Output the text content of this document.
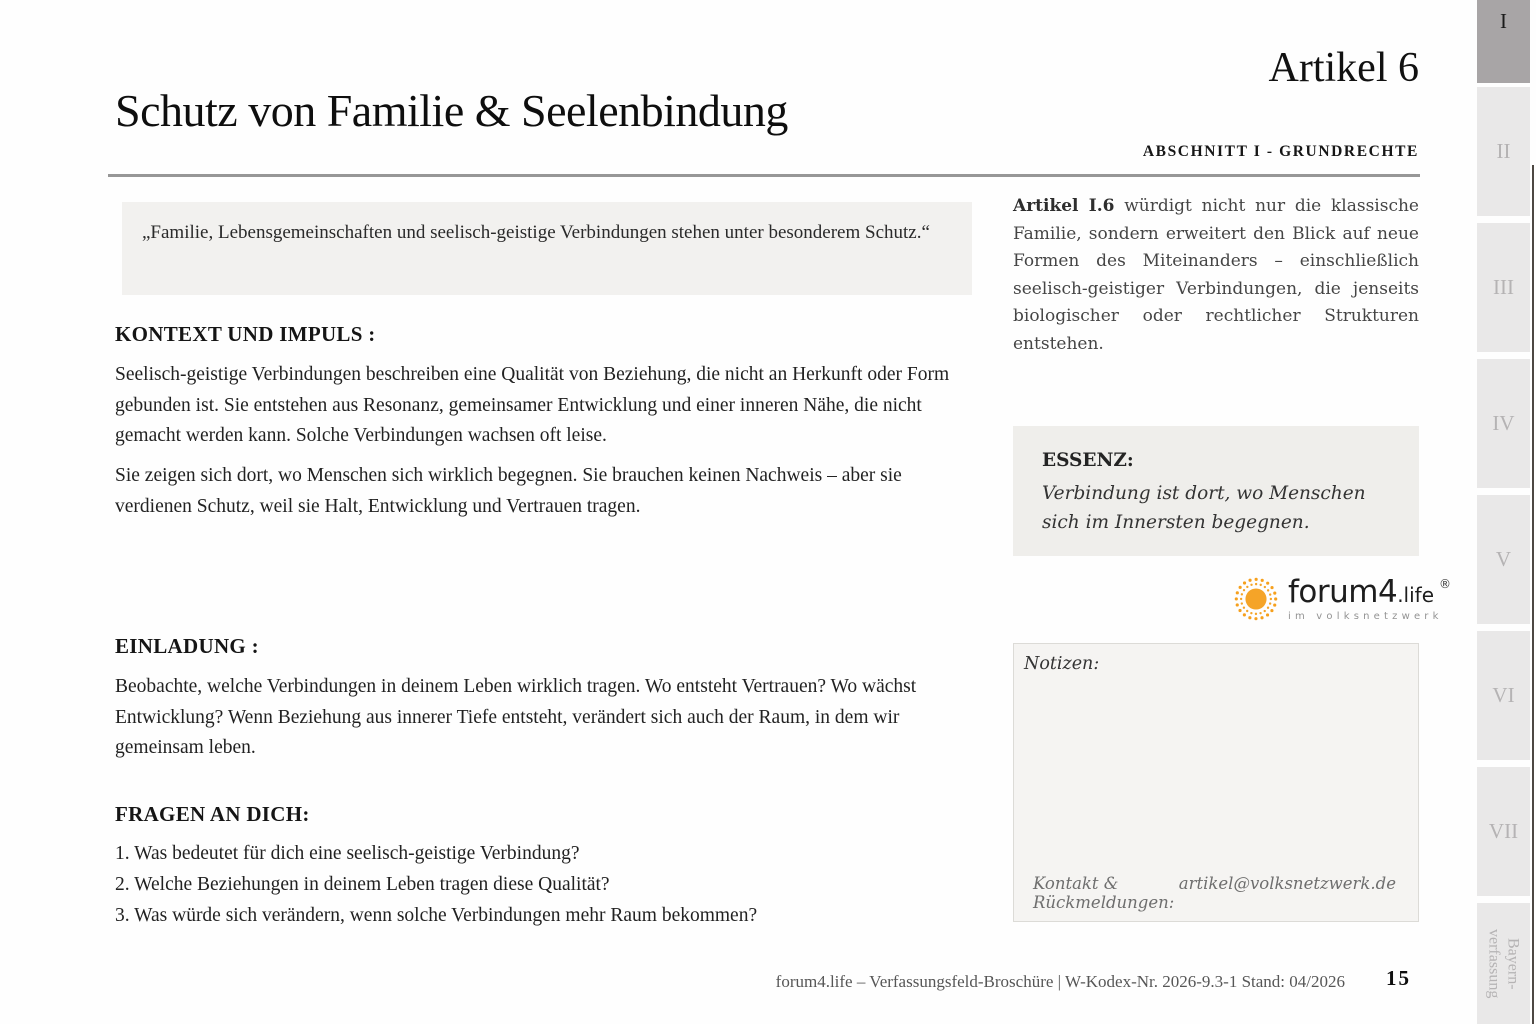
Artikel 6
Schutz von Familie & Seelenbindung
ABSCHNITT I - GRUNDRECHTE
„Familie, Lebensgemeinschaften und seelisch-geistige Verbindungen stehen unter besonderem Schutz.“
KONTEXT UND IMPULS :

Seelisch-geistige Verbindungen beschreiben eine Qualität von Beziehung, die nicht an Herkunft oder Form gebunden ist. Sie entstehen aus Resonanz, gemeinsamer Entwicklung und einer inneren Nähe, die nicht gemacht werden kann. Solche Verbindungen wachsen oft leise.

Sie zeigen sich dort, wo Menschen sich wirklich begegnen. Sie brauchen keinen Nachweis – aber sie verdienen Schutz, weil sie Halt, Entwicklung und Vertrauen tragen.

EINLADUNG :

Beobachte, welche Verbindungen in deinem Leben wirklich tragen. Wo entsteht Vertrauen? Wo wächst Entwicklung? Wenn Beziehung aus innerer Tiefe entsteht, verändert sich auch der Raum, in dem wir gemeinsam leben.

FRAGEN AN DICH:
1. Was bedeutet für dich eine seelisch-geistige Verbindung?
2. Welche Beziehungen in deinem Leben tragen diese Qualität?
3. Was würde sich verändern, wenn solche Verbindungen mehr Raum bekommen?

Artikel I.6 würdigt nicht nur die klassische Familie, sondern erweitert den Blick auf neue Formen des Miteinanders – einschließlich seelisch-geistiger Verbindungen, die jenseits biologischer oder rechtlicher Strukturen entstehen.

ESSENZ:
Verbindung ist dort, wo Menschen sich im Innersten begegnen.
forum4 .life ®
im volksnetzwerk
Notizen:
Kontakt & Rückmeldungen:
artikel@volksnetzwerk.de
forum4.life – Verfassungsfeld-Broschüre | W-Kodex-Nr. 2026-9.3-1 Stand: 04/2026 15
I
II
III
IV
V
VI
VII
Bayern-verfassung
